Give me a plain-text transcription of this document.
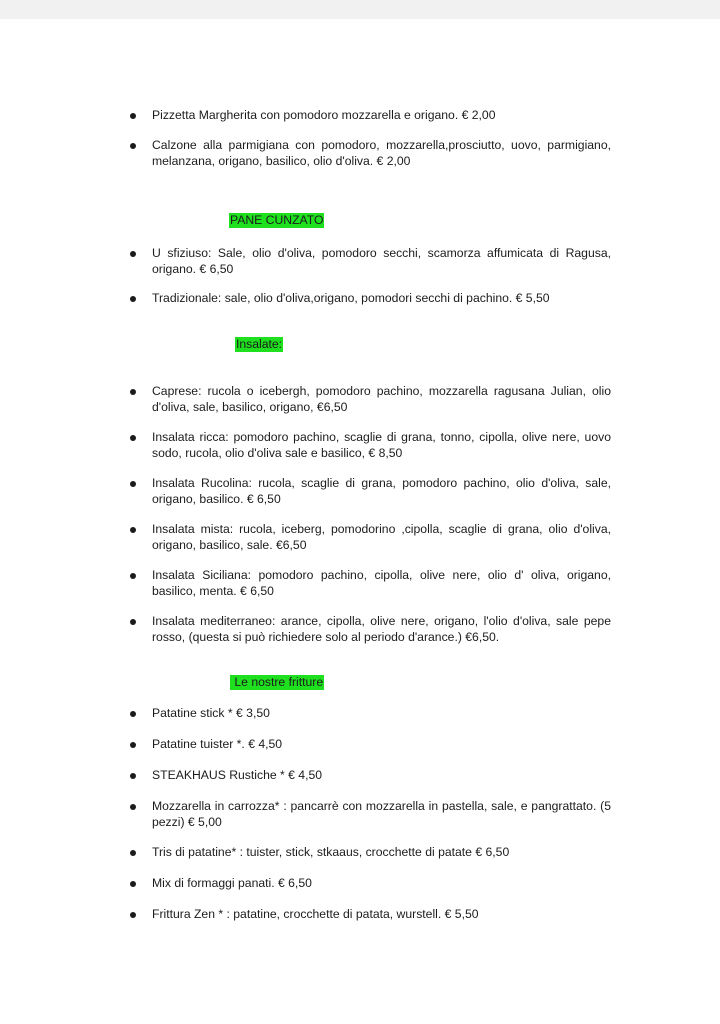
Pizzetta Margherita con pomodoro mozzarella e origano. € 2,00

Calzone alla parmigiana con pomodoro, mozzarella,prosciutto, uovo, parmigiano, melanzana, origano, basilico, olio d'oliva. € 2,00

PANE CUNZATO

U sfiziuso: Sale, olio d'oliva, pomodoro secchi, scamorza affumicata di Ragusa, origano. € 6,50

Tradizionale: sale, olio d'oliva,origano, pomodori secchi di pachino. € 5,50

Insalate:

Caprese: rucola o icebergh, pomodoro pachino, mozzarella ragusana Julian, olio d'oliva, sale, basilico, origano, €6,50

Insalata ricca: pomodoro pachino, scaglie di grana, tonno, cipolla, olive nere, uovo sodo, rucola, olio d'oliva sale e basilico, € 8,50

Insalata Rucolina: rucola, scaglie di grana, pomodoro pachino, olio d'oliva, sale, origano, basilico. € 6,50

Insalata mista: rucola, iceberg, pomodorino ,cipolla, scaglie di grana, olio d'oliva, origano, basilico, sale. €6,50

Insalata Siciliana: pomodoro pachino, cipolla, olive nere, olio d' oliva, origano, basilico, menta. € 6,50

Insalata mediterraneo: arance, cipolla, olive nere, origano, l'olio d'oliva, sale pepe rosso, (questa si può richiedere solo al periodo d'arance.) €6,50.

Le nostre fritture

Patatine stick * € 3,50

Patatine tuister *. € 4,50

STEAKHAUS Rustiche * € 4,50

Mozzarella in carrozza* : pancarrè con mozzarella in pastella, sale, e pangrattato. (5 pezzi) € 5,00

Tris di patatine* : tuister, stick, stkaaus, crocchette di patate € 6,50

Mix di formaggi panati. € 6,50

Frittura Zen * : patatine, crocchette di patata, wurstell. € 5,50
